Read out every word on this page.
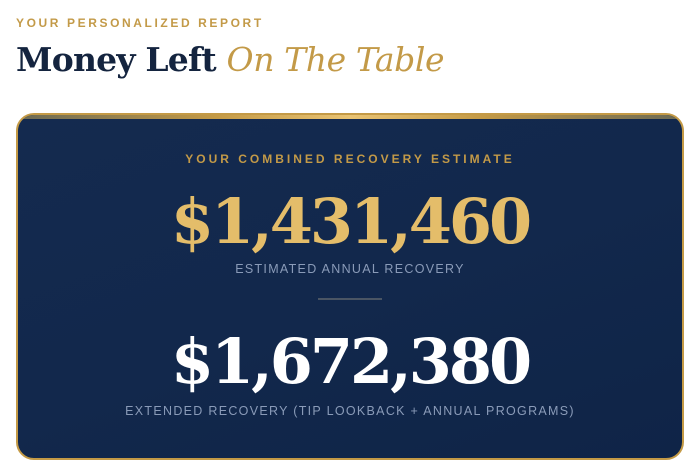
YOUR PERSONALIZED REPORT
Money Left On The Table
YOUR COMBINED RECOVERY ESTIMATE
$1,431,460
ESTIMATED ANNUAL RECOVERY
$1,672,380
EXTENDED RECOVERY (TIP LOOKBACK + ANNUAL PROGRAMS)
